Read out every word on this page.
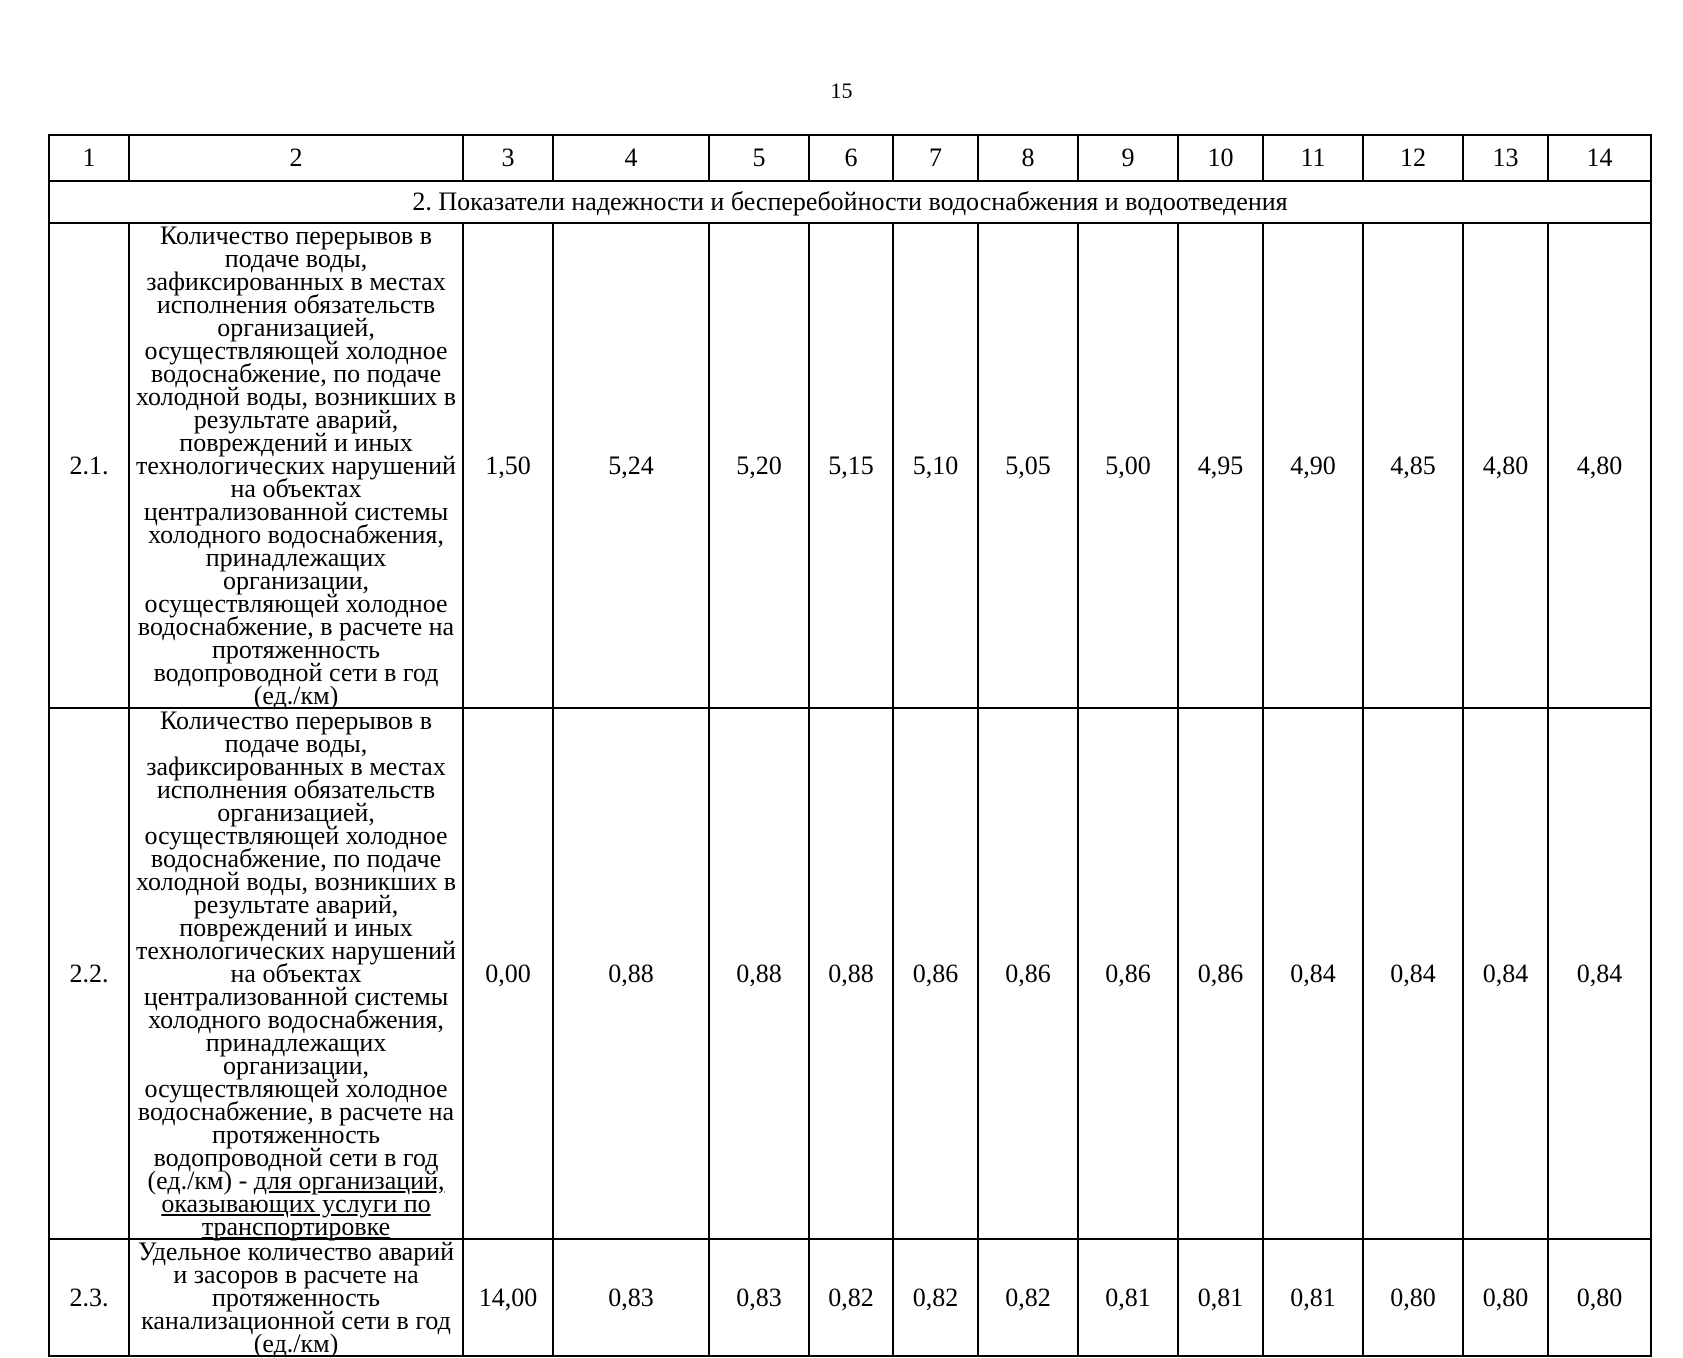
15
1	2	3	4	5	6	7	8	9	10	11	12	13	14
2. Показатели надежности и бесперебойности водоснабжения и водоотведения													
2.1.	Количество перерывов в подаче воды, зафиксированных в местах исполнения обязательств организацией, осуществляющей холодное водоснабжение, по подаче холодной воды, возникших в результате аварий, повреждений и иных технологических нарушений на объектах централизованной системы холодного водоснабжения, принадлежащих организации, осуществляющей холодное водоснабжение, в расчете на протяженность водопроводной сети в год (ед./км)	1,50	5,24	5,20	5,15	5,10	5,05	5,00	4,95	4,90	4,85	4,80	4,80
2.2.	Количество перерывов в подаче воды, зафиксированных в местах исполнения обязательств организацией, осуществляющей холодное водоснабжение, по подаче холодной воды, возникших в результате аварий, повреждений и иных технологических нарушений на объектах централизованной системы холодного водоснабжения, принадлежащих организации, осуществляющей холодное водоснабжение, в расчете на протяженность водопроводной сети в год (ед./км) - для организаций, оказывающих услуги по транспортировке	0,00	0,88	0,88	0,88	0,86	0,86	0,86	0,86	0,84	0,84	0,84	0,84
2.3.	Удельное количество аварий и засоров в расчете на протяженность канализационной сети в год (ед./км)	14,00	0,83	0,83	0,82	0,82	0,82	0,81	0,81	0,81	0,80	0,80	0,80
